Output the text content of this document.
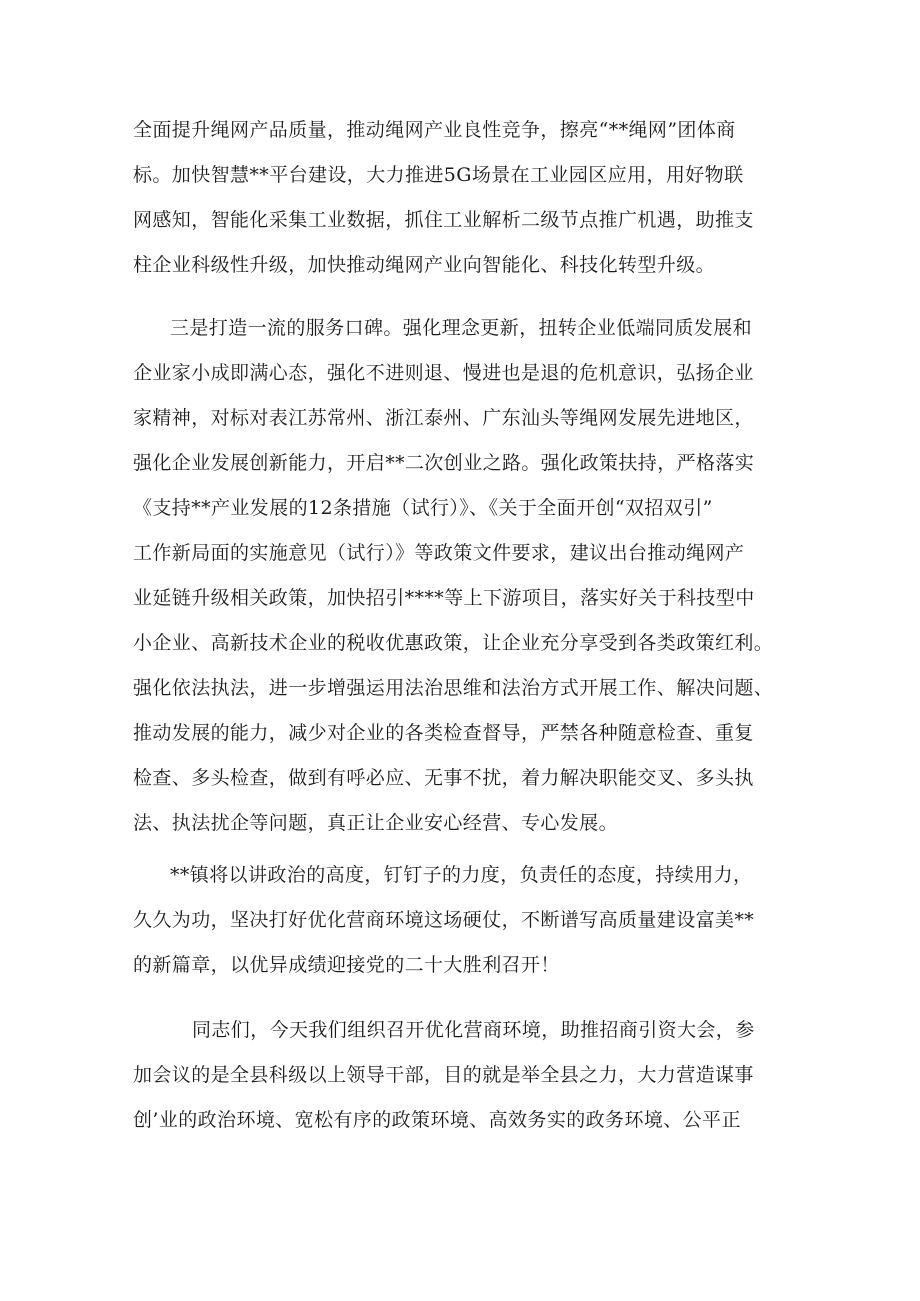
全面提升绳网产品质量，推动绳网产业良性竞争，擦亮“**绳网”团体商
标。加快智慧**平台建设，大力推进5G场景在工业园区应用，用好物联
网感知，智能化采集工业数据，抓住工业解析二级节点推广机遇，助推支
柱企业科级性升级，加快推动绳网产业向智能化、科技化转型升级。
三是打造一流的服务口碑。强化理念更新，扭转企业低端同质发展和
企业家小成即满心态，强化不进则退、慢进也是退的危机意识，弘扬企业
家精神，对标对表江苏常州、浙江泰州、广东汕头等绳网发展先进地区，
强化企业发展创新能力，开启**二次创业之路。强化政策扶持，严格落实
《支持**产业发展的12条措施（试行）》、《关于全面开创“双招双引”
工作新局面的实施意见（试行）》等政策文件要求，建议出台推动绳网产
业延链升级相关政策，加快招引****等上下游项目，落实好关于科技型中
小企业、高新技术企业的税收优惠政策，让企业充分享受到各类政策红利。
强化依法执法，进一步增强运用法治思维和法治方式开展工作、解决问题、
推动发展的能力，减少对企业的各类检查督导，严禁各种随意检查、重复
检查、多头检查，做到有呼必应、无事不扰，着力解决职能交叉、多头执
法、执法扰企等问题，真正让企业安心经营、专心发展。
**镇将以讲政治的高度，钉钉子的力度，负责任的态度，持续用力，
久久为功，坚决打好优化营商环境这场硬仗，不断谱写高质量建设富美**
的新篇章，以优异成绩迎接党的二十大胜利召开！
同志们，今天我们组织召开优化营商环境，助推招商引资大会，参
加会议的是全县科级以上领导干部，目的就是举全县之力，大力营造谋事
创’业的政治环境、宽松有序的政策环境、高效务实的政务环境、公平正
